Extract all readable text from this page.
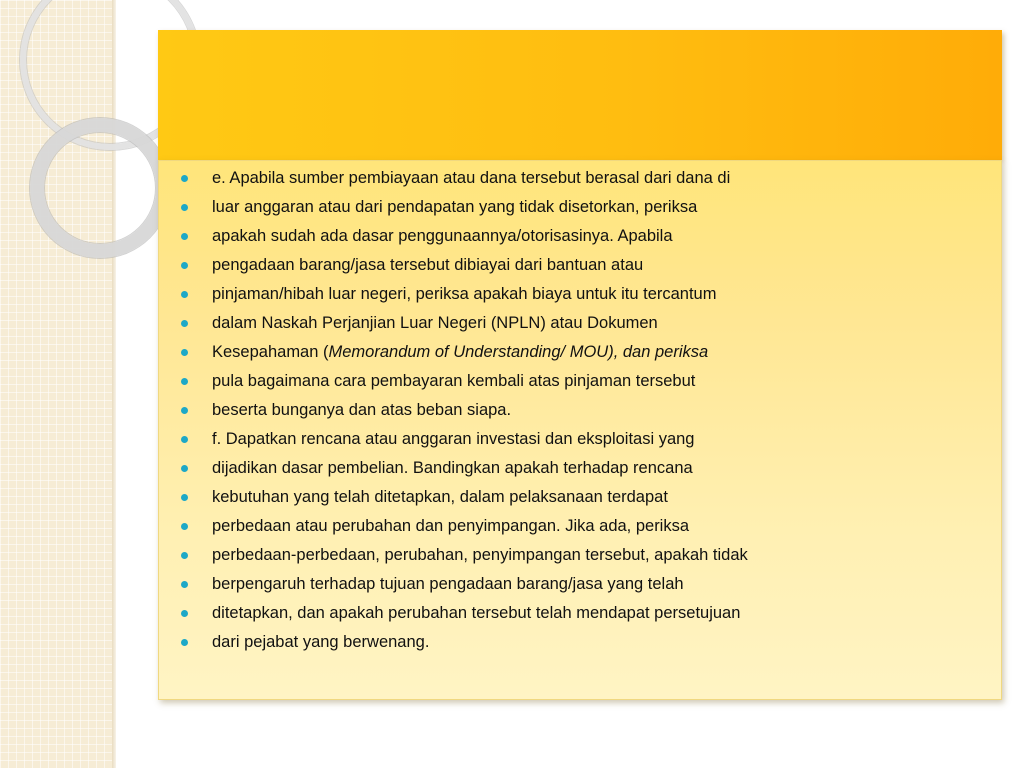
e. Apabila sumber pembiayaan atau dana tersebut berasal dari dana di
luar anggaran atau dari pendapatan yang tidak disetorkan, periksa
apakah sudah ada dasar penggunaannya/otorisasinya. Apabila
pengadaan barang/jasa tersebut dibiayai dari bantuan atau
pinjaman/hibah luar negeri, periksa apakah biaya untuk itu tercantum
dalam Naskah Perjanjian Luar Negeri (NPLN) atau Dokumen
Kesepahaman (Memorandum of Understanding/ MOU), dan periksa
pula bagaimana cara pembayaran kembali atas pinjaman tersebut
beserta bunganya dan atas beban siapa.
f. Dapatkan rencana atau anggaran investasi dan eksploitasi yang
dijadikan dasar pembelian. Bandingkan apakah terhadap rencana
kebutuhan yang telah ditetapkan, dalam pelaksanaan terdapat
perbedaan atau perubahan dan penyimpangan. Jika ada, periksa
perbedaan-perbedaan, perubahan, penyimpangan tersebut, apakah tidak
berpengaruh terhadap tujuan pengadaan barang/jasa yang telah
ditetapkan, dan apakah perubahan tersebut telah mendapat persetujuan
dari pejabat yang berwenang.
